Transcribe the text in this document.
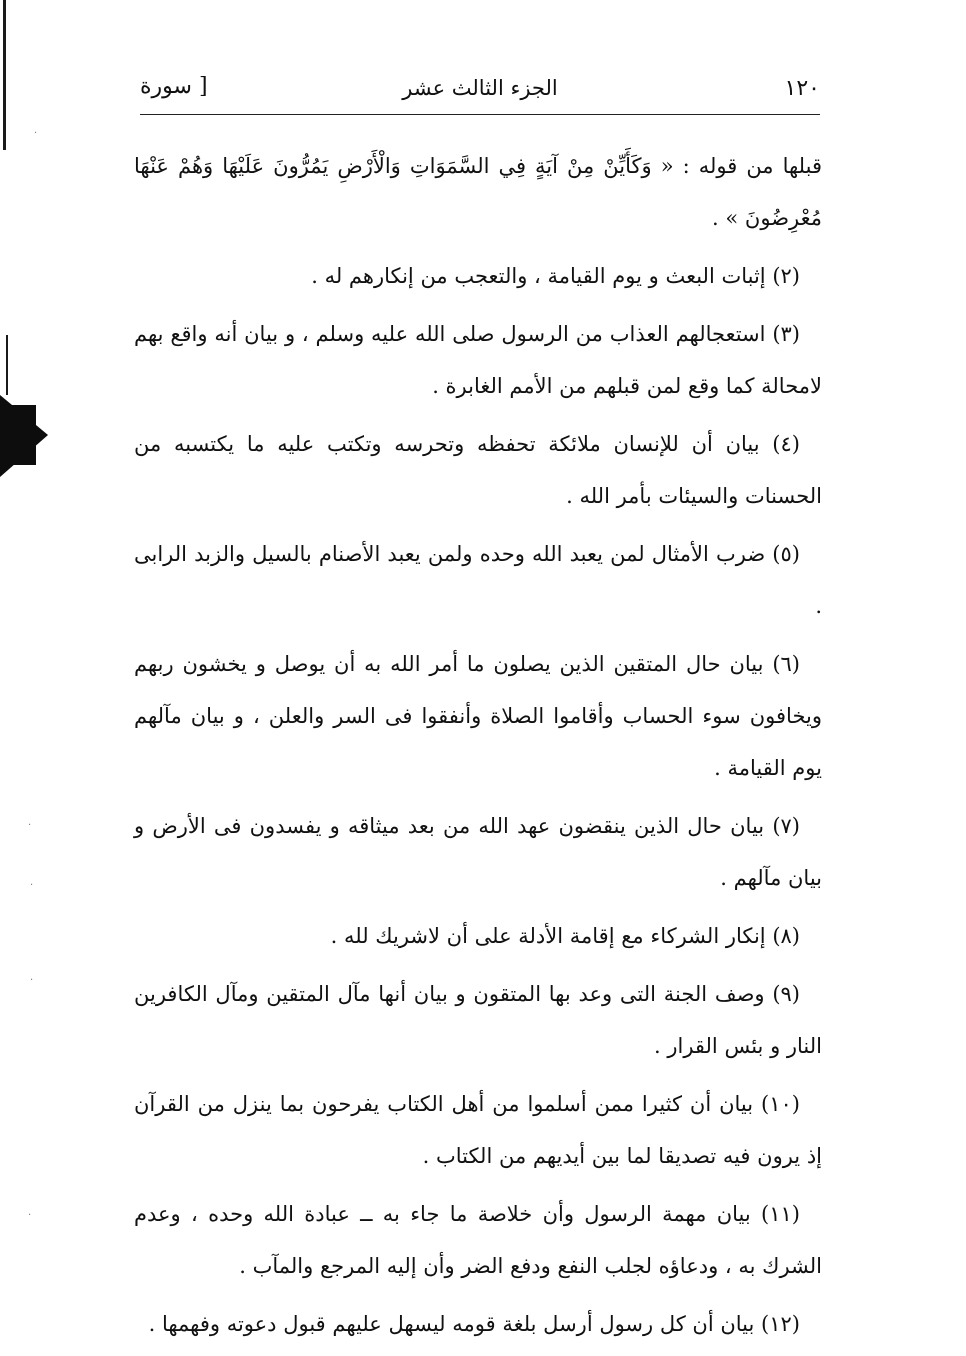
·
·
·
·
·
١٢٠
الجزء الثالث عشر
[ سورة

قبلها من قوله : « وَكَأَيِّنْ مِنْ آيَةٍ فِي السَّمَوَاتِ وَالْأَرْضِ يَمُرُّونَ عَلَيْهَا وَهُمْ عَنْهَا مُعْرِضُونَ » .

(٢) إثبات البعث و يوم القيامة ، والتعجب من إنكارهم له .

(٣) استعجالهم العذاب من الرسول صلى الله عليه وسلم ، و بيان أنه واقع بهم لامحالة كما وقع لمن قبلهم من الأمم الغابرة .

(٤) بيان أن للإنسان ملائكة تحفظه وتحرسه وتكتب عليه ما يكتسبه من الحسنات والسيئات بأمر الله .

(٥) ضرب الأمثال لمن يعبد الله وحده ولمن يعبد الأصنام بالسيل والزبد الرابى .

(٦) بيان حال المتقين الذين يصلون ما أمر الله به أن يوصل و يخشون ربهم ويخافون سوء الحساب وأقاموا الصلاة وأنفقوا فى السر والعلن ، و بيان مآلهم يوم القيامة .

(٧) بيان حال الذين ينقضون عهد الله من بعد ميثاقه و يفسدون فى الأرض و بيان مآلهم .

(٨) إنكار الشركاء مع إقامة الأدلة على أن لاشريك لله .

(٩) وصف الجنة التى وعد بها المتقون و بيان أنها مآل المتقين ومآل الكافرين النار و بئس القرار .

(١٠) بيان أن كثيرا ممن أسلموا من أهل الكتاب يفرحون بما ينزل من القرآن إذ يرون فيه تصديقا لما بين أيديهم من الكتاب .

(١١) بيان مهمة الرسول وأن خلاصة ما جاء به ــ عبادة الله وحده ، وعدم الشرك به ، ودعاؤه لجلب النفع ودفع الضر وأن إليه المرجع والمآب .

(١٢) بيان أن كل رسول أرسل بلغة قومه ليسهل عليهم قبول دعوته وفهمها .
